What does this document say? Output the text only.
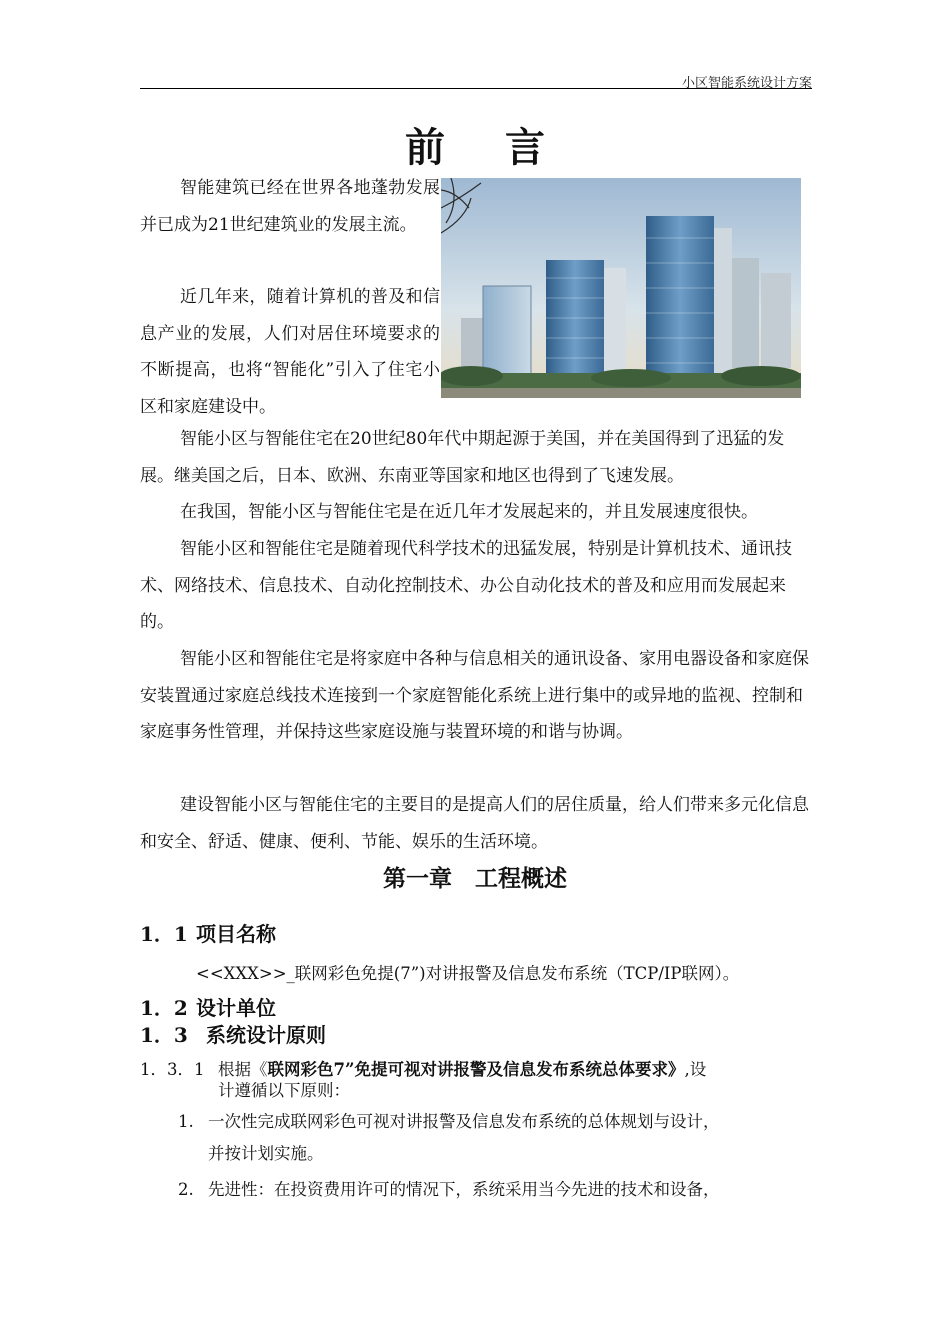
小区智能系统设计方案
前言

智能建筑已经在世界各地蓬勃发展并已成为21世纪建筑业的发展主流。

近几年来，随着计算机的普及和信息产业的发展，人们对居住环境要求的不断提高，也将“智能化”引入了住宅小区和家庭建设中。

智能小区与智能住宅在20世纪80年代中期起源于美国，并在美国得到了迅猛的发展。继美国之后，日本、欧洲、东南亚等国家和地区也得到了飞速发展。

在我国，智能小区与智能住宅是在近几年才发展起来的，并且发展速度很快。

智能小区和智能住宅是随着现代科学技术的迅猛发展，特别是计算机技术、通讯技术、网络技术、信息技术、自动化控制技术、办公自动化技术的普及和应用而发展起来的。

智能小区和智能住宅是将家庭中各种与信息相关的通讯设备、家用电器设备和家庭保安装置通过家庭总线技术连接到一个家庭智能化系统上进行集中的或异地的监视、控制和家庭事务性管理，并保持这些家庭设施与装置环境的和谐与协调。

建设智能小区与智能住宅的主要目的是提高人们的居住质量，给人们带来多元化信息和安全、舒适、健康、便利、节能、娱乐的生活环境。

第一章　工程概述
1．1 项目名称
<<XXX>>_联网彩色免提(7”)对讲报警及信息发布系统（TCP/IP联网）。
1．2 设计单位
1．3 系统设计原则
1．3．1 根据《联网彩色7”免提可视对讲报警及信息发布系统总体要求》,设
计遵循以下原则：
1. 一次性完成联网彩色可视对讲报警及信息发布系统的总体规划与设计，
并按计划实施。
2. 先进性：在投资费用许可的情况下，系统采用当今先进的技术和设备，
